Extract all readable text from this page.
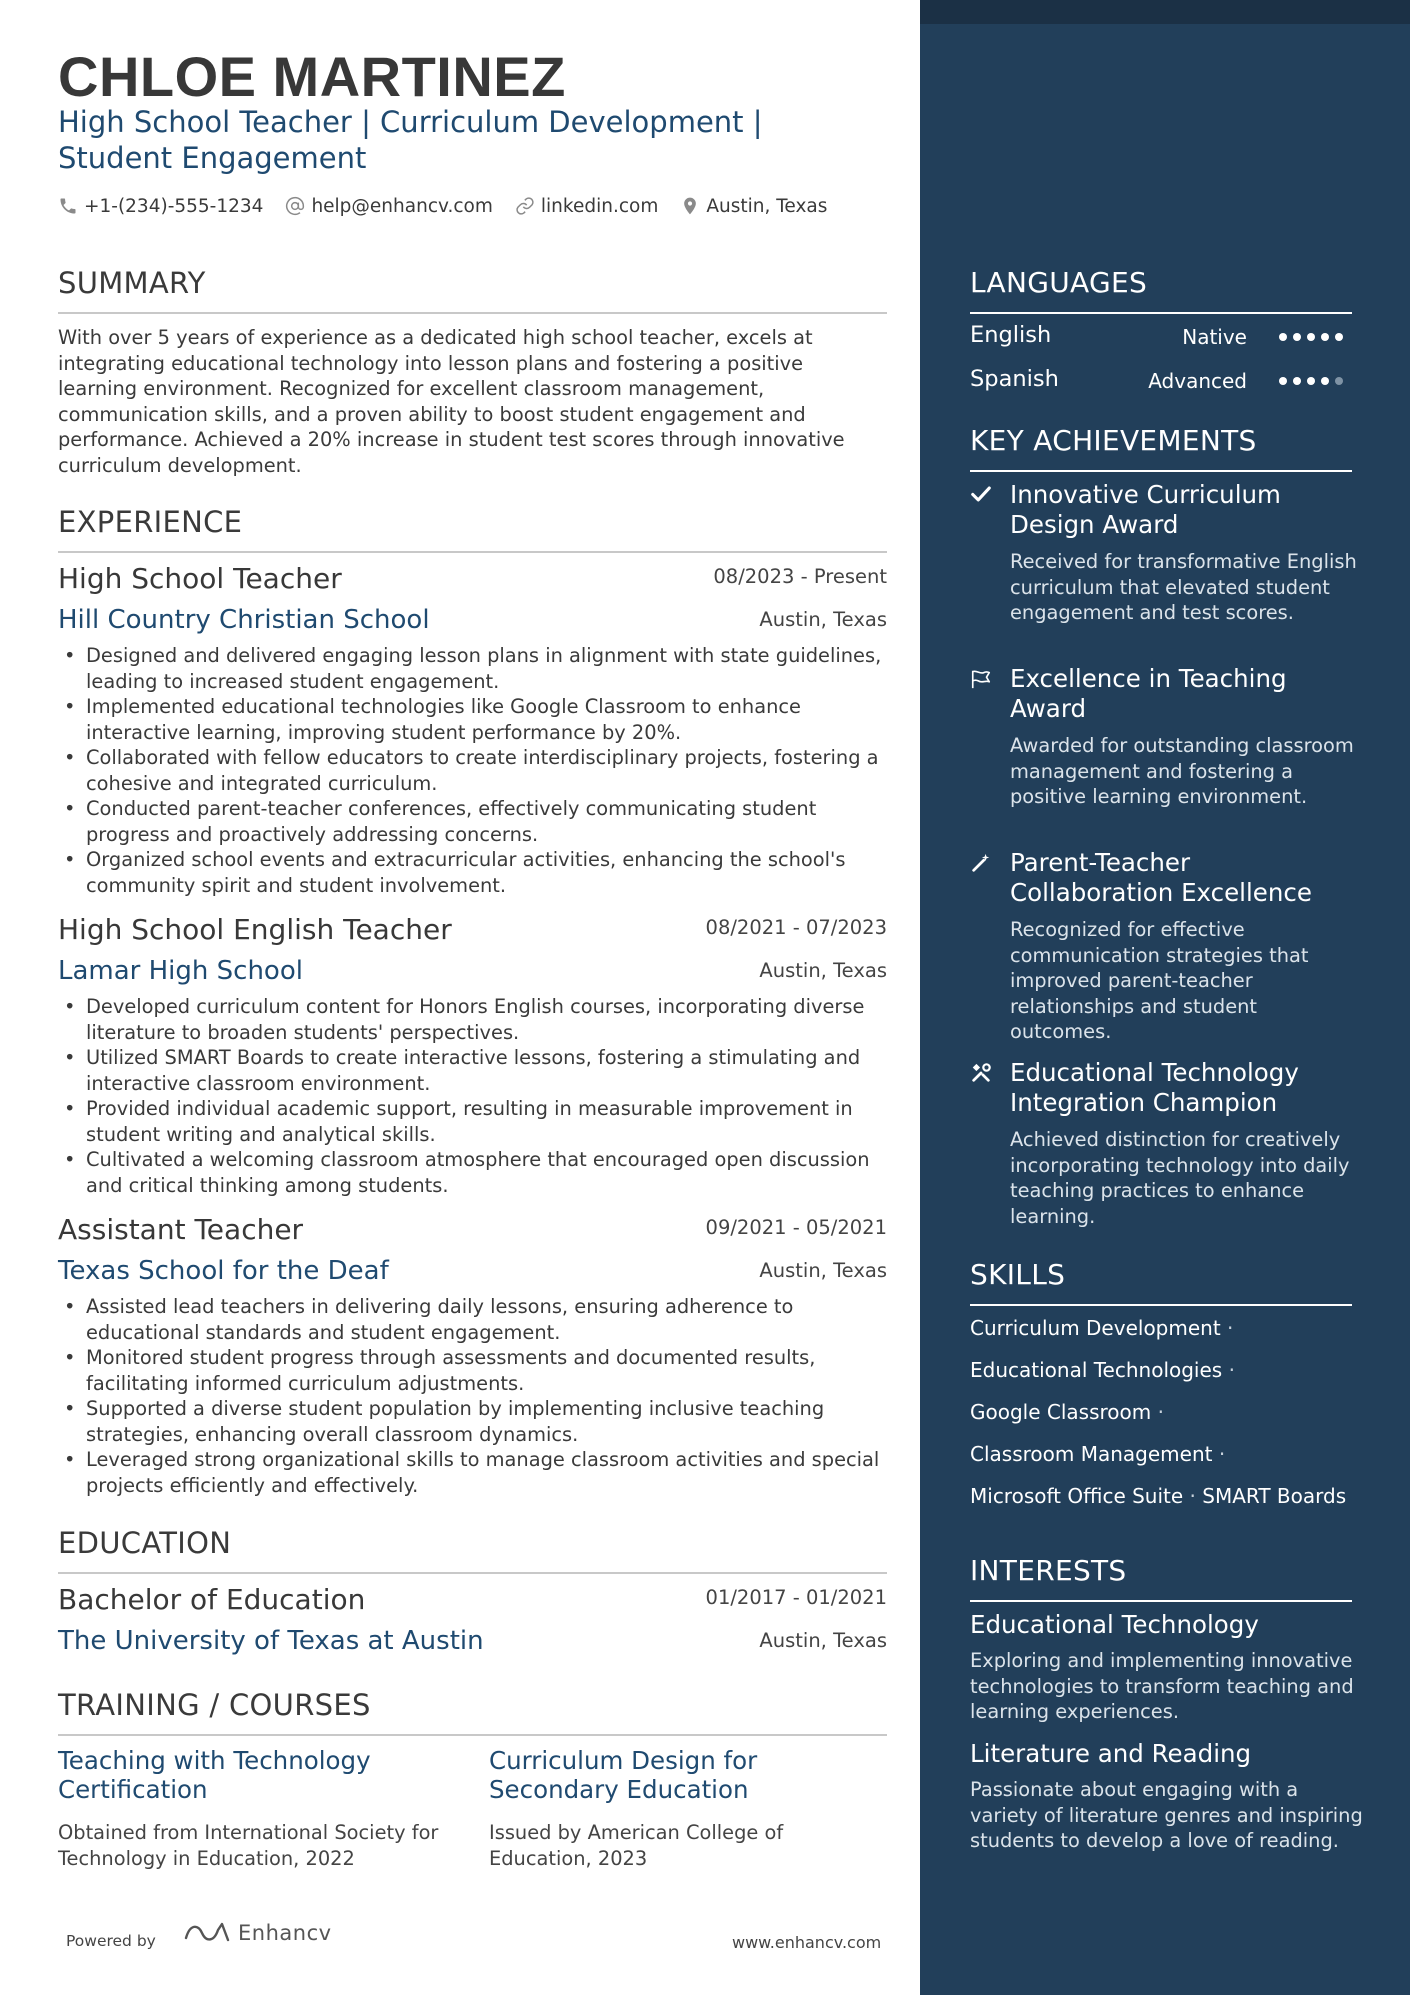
CHLOE MARTINEZ
High School Teacher | Curriculum Development |
Student Engagement
+1-(234)-555-1234	help@enhancv.com	linkedin.com	Austin, Texas
SUMMARY

With over 5 years of experience as a dedicated high school teacher, excels at integrating educational technology into lesson plans and fostering a positive learning environment. Recognized for excellent classroom management, communication skills, and a proven ability to boost student engagement and performance. Achieved a 20% increase in student test scores through innovative curriculum development.

EXPERIENCE
High School Teacher	08/2023 - Present
Hill Country Christian School	Austin, Texas
• Designed and delivered engaging lesson plans in alignment with state guidelines, leading to increased student engagement.
• Implemented educational technologies like Google Classroom to enhance interactive learning, improving student performance by 20%.
• Collaborated with fellow educators to create interdisciplinary projects, fostering a cohesive and integrated curriculum.
• Conducted parent-teacher conferences, effectively communicating student progress and proactively addressing concerns.
• Organized school events and extracurricular activities, enhancing the school's community spirit and student involvement.
High School English Teacher	08/2021 - 07/2023
Lamar High School	Austin, Texas
• Developed curriculum content for Honors English courses, incorporating diverse literature to broaden students' perspectives.
• Utilized SMART Boards to create interactive lessons, fostering a stimulating and interactive classroom environment.
• Provided individual academic support, resulting in measurable improvement in student writing and analytical skills.
• Cultivated a welcoming classroom atmosphere that encouraged open discussion and critical thinking among students.
Assistant Teacher	09/2021 - 05/2021
Texas School for the Deaf	Austin, Texas
• Assisted lead teachers in delivering daily lessons, ensuring adherence to educational standards and student engagement.
• Monitored student progress through assessments and documented results, facilitating informed curriculum adjustments.
• Supported a diverse student population by implementing inclusive teaching strategies, enhancing overall classroom dynamics.
• Leveraged strong organizational skills to manage classroom activities and special projects efficiently and effectively.
EDUCATION
Bachelor of Education	01/2017 - 01/2021
The University of Texas at Austin	Austin, Texas
TRAINING / COURSES
Teaching with Technology Certification
Obtained from International Society for Technology in Education, 2022
Curriculum Design for Secondary Education
Issued by American College of Education, 2023
Powered by	Enhancv	www.enhancv.com
LANGUAGES
English	Native
Spanish	Advanced
KEY ACHIEVEMENTS
Innovative Curriculum Design Award
Received for transformative English curriculum that elevated student engagement and test scores.
Excellence in Teaching Award
Awarded for outstanding classroom management and fostering a positive learning environment.
Parent-Teacher Collaboration Excellence
Recognized for effective communication strategies that improved parent-teacher relationships and student outcomes.
Educational Technology Integration Champion
Achieved distinction for creatively incorporating technology into daily teaching practices to enhance learning.
SKILLS
Curriculum Development ·
Educational Technologies ·
Google Classroom ·
Classroom Management ·
Microsoft Office Suite · SMART Boards
INTERESTS
Educational Technology
Exploring and implementing innovative technologies to transform teaching and learning experiences.
Literature and Reading
Passionate about engaging with a variety of literature genres and inspiring students to develop a love of reading.
